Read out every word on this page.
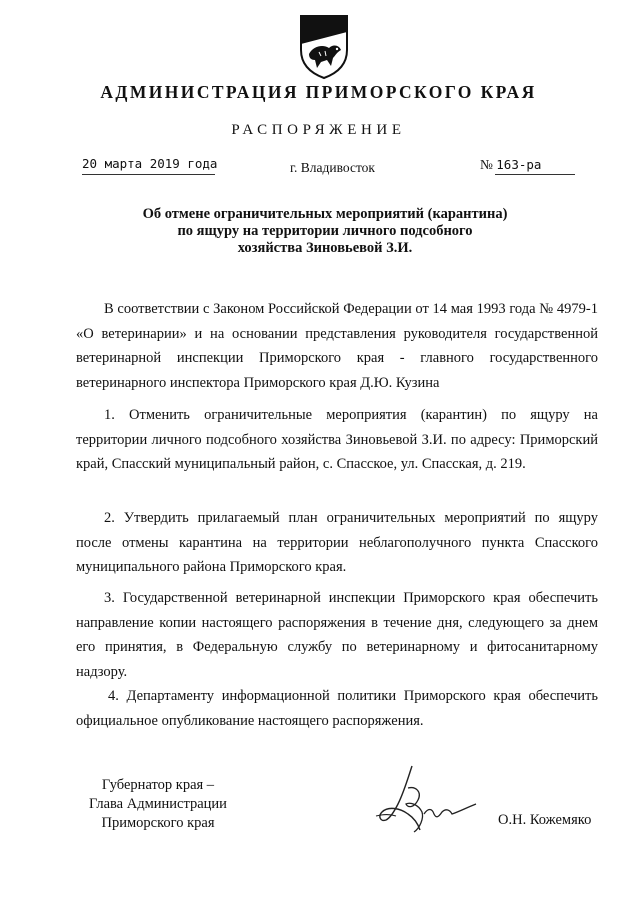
АДМИНИСТРАЦИЯ ПРИМОРСКОГО КРАЯ
РАСПОРЯЖЕНИЕ
20 марта 2019 года	г. Владивосток	№ 163-ра
Об отмене ограничительных мероприятий (карантина)
по ящуру на территории личного подсобного
хозяйства Зиновьевой З.И.
В соответствии с Законом Российской Федерации от 14 мая 1993 года № 4979-1 «О ветеринарии» и на основании представления руководителя государственной ветеринарной инспекции Приморского края - главного государственного ветеринарного инспектора Приморского края Д.Ю. Кузина
1. Отменить ограничительные мероприятия (карантин) по ящуру на территории личного подсобного хозяйства Зиновьевой З.И. по адресу: Приморский край, Спасский муниципальный район, с. Спасское, ул. Спасская, д. 219.
2. Утвердить прилагаемый план ограничительных мероприятий по ящуру после отмены карантина на территории неблагополучного пункта Спасского муниципального района Приморского края.
3. Государственной ветеринарной инспекции Приморского края обеспечить направление копии настоящего распоряжения в течение дня, следующего за днем его принятия, в Федеральную службу по ветеринарному и фитосанитарному надзору.
4. Департаменту информационной политики Приморского края обеспечить официальное опубликование настоящего распоряжения.
Губернатор края –
Глава Администрации
Приморского края	О.Н. Кожемяко
